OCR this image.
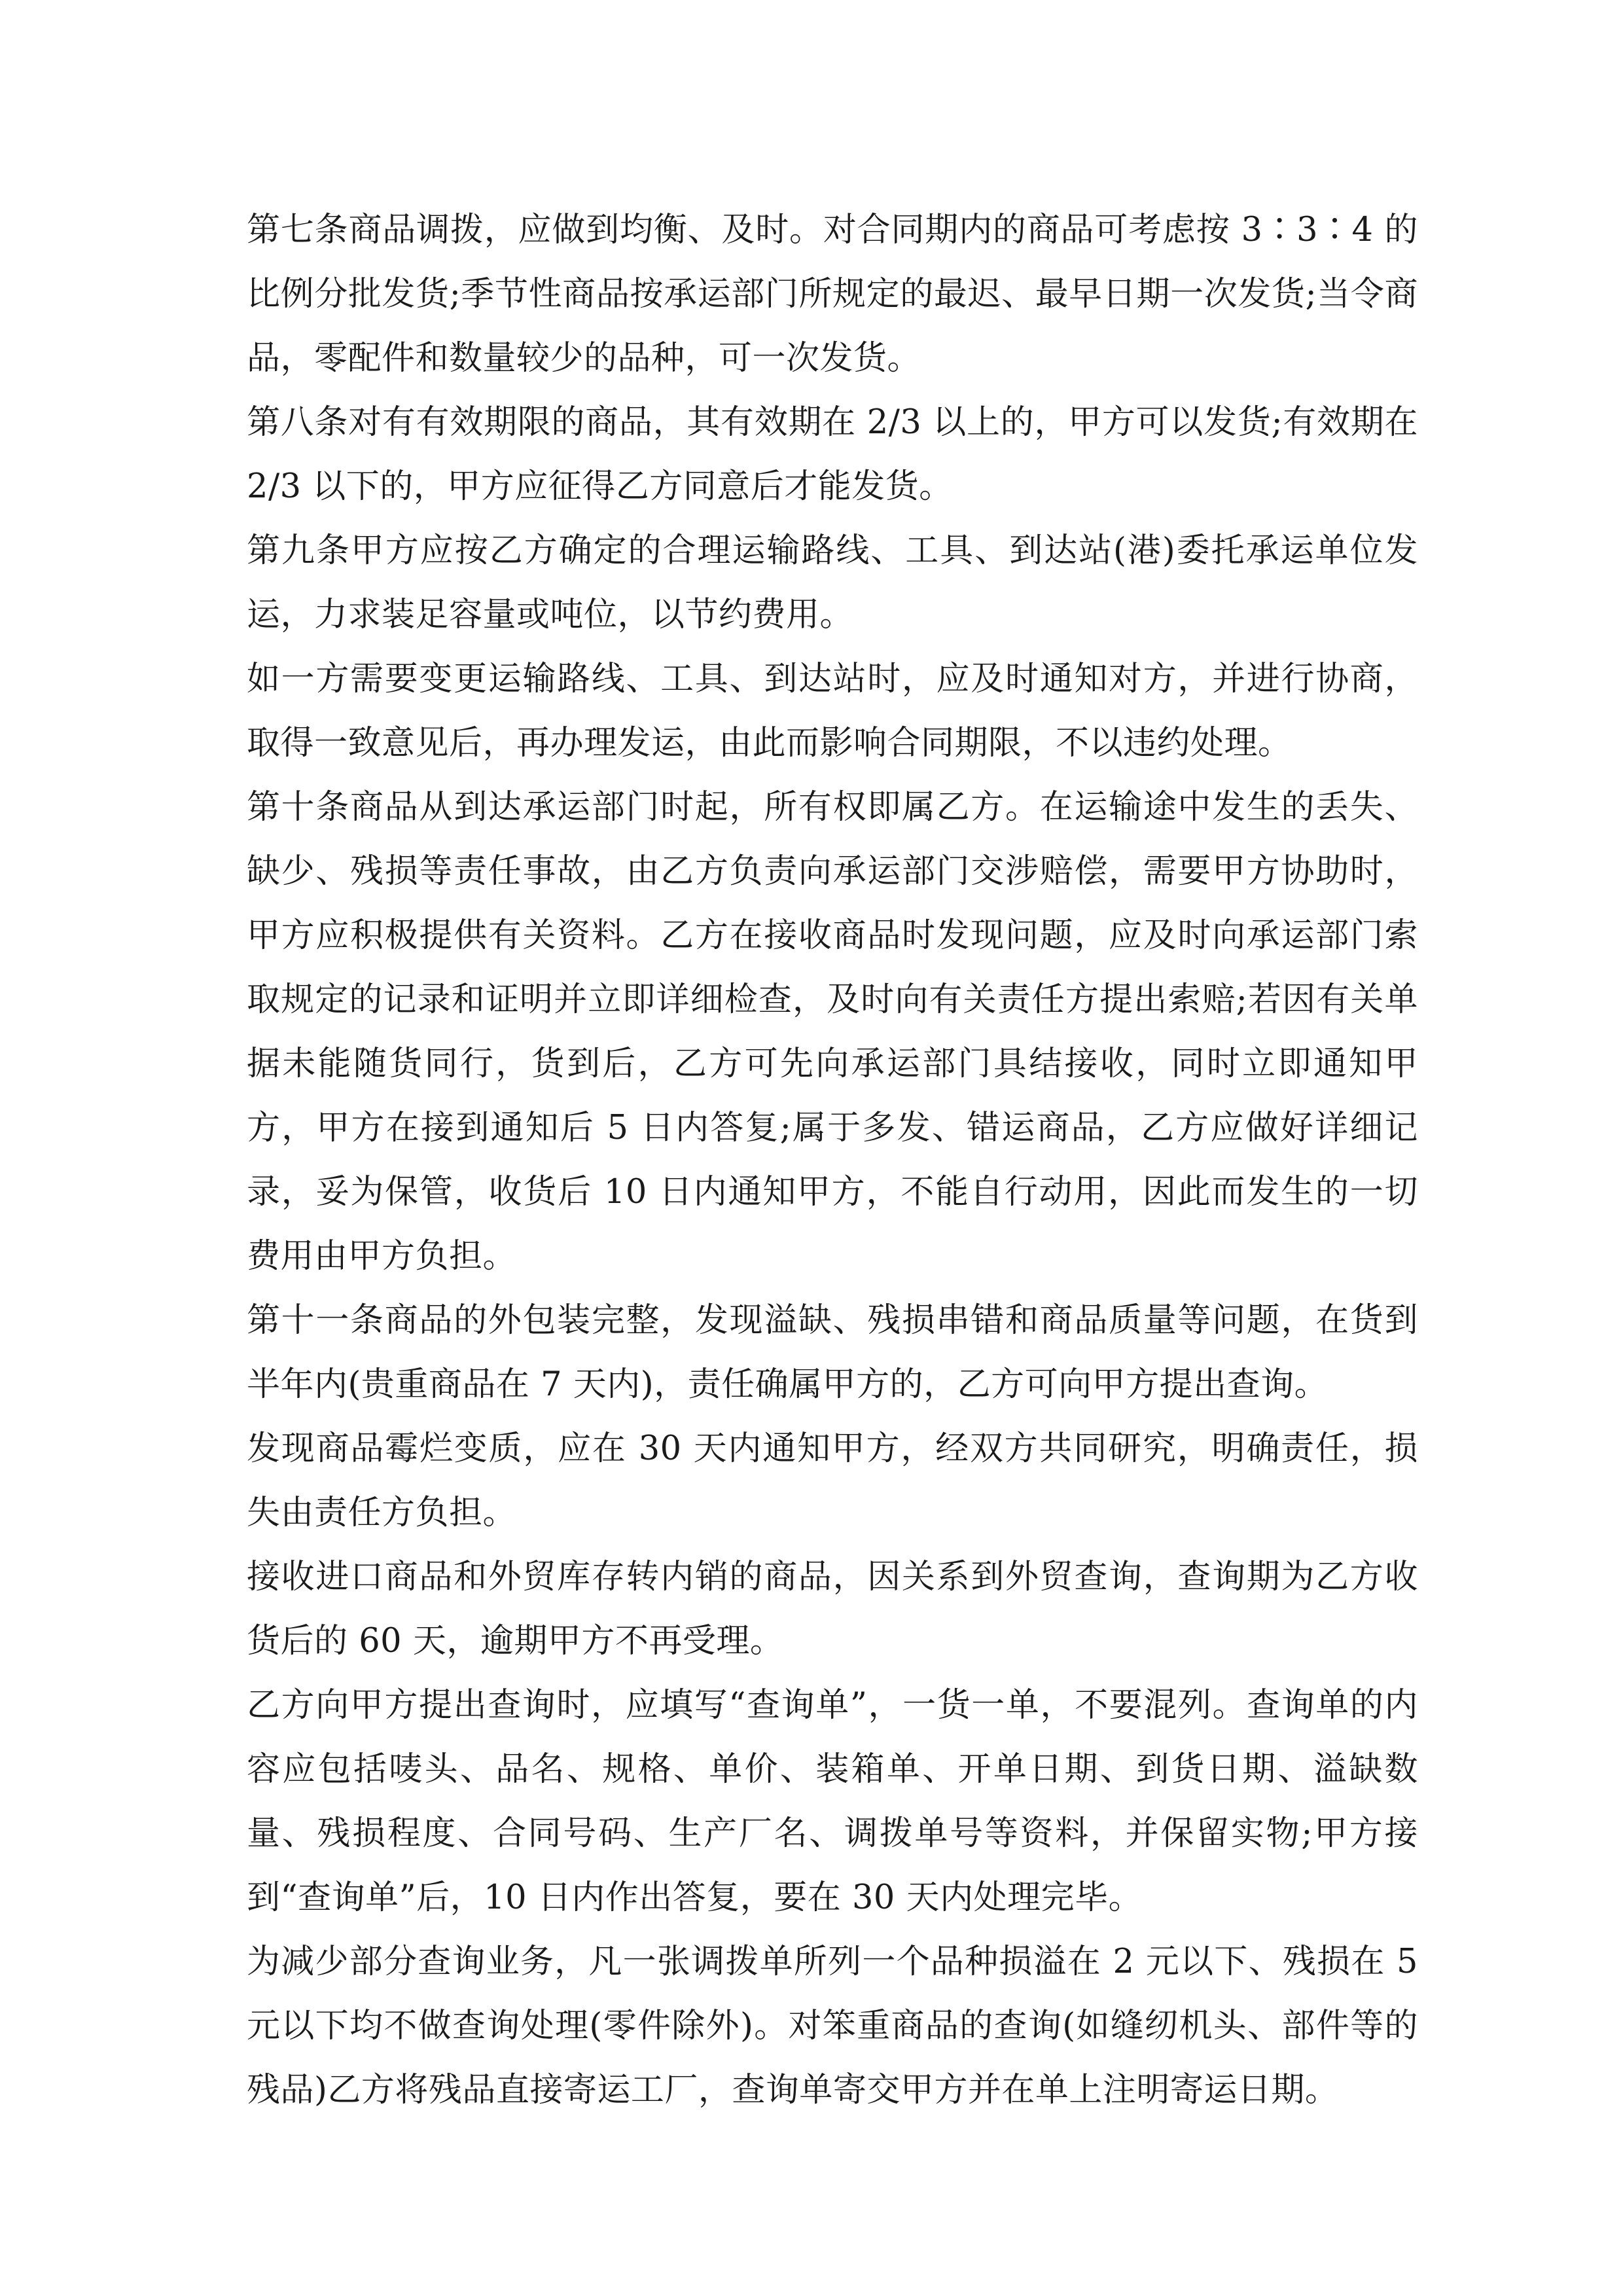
第七条商品调拨，应做到均衡、及时。对合同期内的商品可考虑按 3∶3∶4 的比例分批发货;季节性商品按承运部门所规定的最迟、最早日期一次发货;当令商品，零配件和数量较少的品种，可一次发货。

第八条对有有效期限的商品，其有效期在 2/3 以上的，甲方可以发货;有效期在 2/3 以下的，甲方应征得乙方同意后才能发货。

第九条甲方应按乙方确定的合理运输路线、工具、到达站(港)委托承运单位发运，力求装足容量或吨位，以节约费用。

如一方需要变更运输路线、工具、到达站时，应及时通知对方，并进行协商，取得一致意见后，再办理发运，由此而影响合同期限，不以违约处理。

第十条商品从到达承运部门时起，所有权即属乙方。在运输途中发生的丢失、缺少、残损等责任事故，由乙方负责向承运部门交涉赔偿，需要甲方协助时，甲方应积极提供有关资料。乙方在接收商品时发现问题，应及时向承运部门索取规定的记录和证明并立即详细检查，及时向有关责任方提出索赔;若因有关单据未能随货同行，货到后，乙方可先向承运部门具结接收，同时立即通知甲方，甲方在接到通知后 5 日内答复;属于多发、错运商品，乙方应做好详细记录，妥为保管，收货后 10 日内通知甲方，不能自行动用，因此而发生的一切费用由甲方负担。

第十一条商品的外包装完整，发现溢缺、残损串错和商品质量等问题，在货到半年内(贵重商品在 7 天内)，责任确属甲方的，乙方可向甲方提出查询。

发现商品霉烂变质，应在 30 天内通知甲方，经双方共同研究，明确责任，损失由责任方负担。

接收进口商品和外贸库存转内销的商品，因关系到外贸查询，查询期为乙方收货后的 60 天，逾期甲方不再受理。

乙方向甲方提出查询时，应填写“查询单”，一货一单，不要混列。查询单的内容应包括唛头、品名、规格、单价、装箱单、开单日期、到货日期、溢缺数量、残损程度、合同号码、生产厂名、调拨单号等资料，并保留实物;甲方接到“查询单”后，10 日内作出答复，要在 30 天内处理完毕。

为减少部分查询业务，凡一张调拨单所列一个品种损溢在 2 元以下、残损在 5 元以下均不做查询处理(零件除外)。对笨重商品的查询(如缝纫机头、部件等的残品)乙方将残品直接寄运工厂，查询单寄交甲方并在单上注明寄运日期。
